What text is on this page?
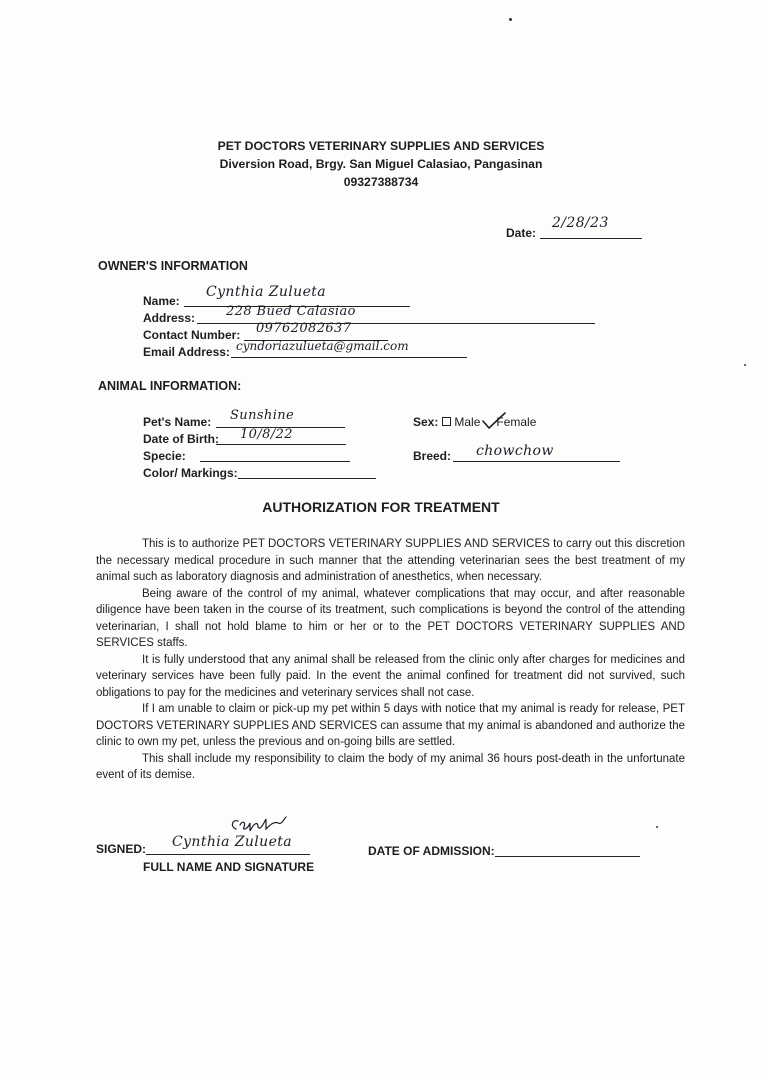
PET DOCTORS VETERINARY SUPPLIES AND SERVICES
Diversion Road, Brgy. San Miguel Calasiao, Pangasinan
09327388734
Date:
2/28/23
OWNER'S INFORMATION
Name:
Cynthia Zulueta
Address: 228 Bued Calasiao
Contact Number: 09762082637
Email Address: cyndoriazulueta@gmail.com
ANIMAL INFORMATION:
Pet's Name: Sunshine
Date of Birth: 10/8/22
Specie:
Color/ Markings:
Sex: Male Female
Breed: chowchow
AUTHORIZATION FOR TREATMENT

This is to authorize PET DOCTORS VETERINARY SUPPLIES AND SERVICES to carry out this discretion the necessary medical procedure in such manner that the attending veterinarian sees the best treatment of my animal such as laboratory diagnosis and administration of anesthetics, when necessary.

Being aware of the control of my animal, whatever complications that may occur, and after reasonable diligence have been taken in the course of its treatment, such complications is beyond the control of the attending veterinarian, I shall not hold blame to him or her or to the PET DOCTORS VETERINARY SUPPLIES AND SERVICES staffs.

It is fully understood that any animal shall be released from the clinic only after charges for medicines and veterinary services have been fully paid. In the event the animal confined for treatment did not survived, such obligations to pay for the medicines and veterinary services shall not case.

If I am unable to claim or pick-up my pet within 5 days with notice that my animal is ready for release, PET DOCTORS VETERINARY SUPPLIES AND SERVICES can assume that my animal is abandoned and authorize the clinic to own my pet, unless the previous and on-going bills are settled.

This shall include my responsibility to claim the body of my animal 36 hours post-death in the unfortunate event of its demise.

SIGNED: Cynthia Zulueta
FULL NAME AND SIGNATURE
DATE OF ADMISSION:
